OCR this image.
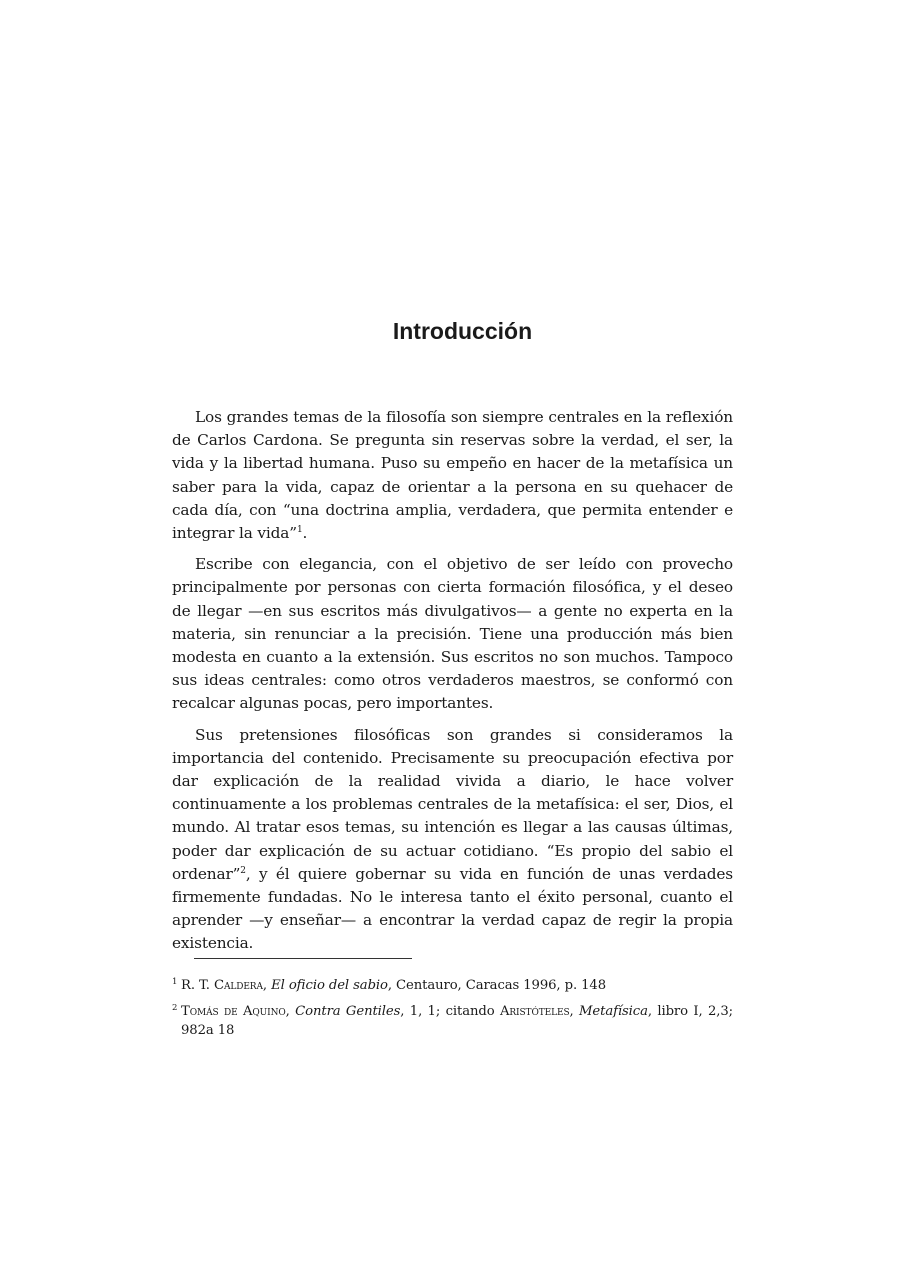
Introducción

Los grandes temas de la filosofía son siempre centrales en la reflexión de Carlos Cardona. Se pregunta sin reservas sobre la verdad, el ser, la vida y la libertad humana. Puso su empeño en hacer de la metafísica un saber para la vida, capaz de orientar a la persona en su quehacer de cada día, con “una doctrina amplia, verdadera, que permita entender e integrar la vida”$^1$.

Escribe con elegancia, con el objetivo de ser leído con provecho principalmente por personas con cierta formación filosófica, y el deseo de llegar —en sus escritos más divulgativos— a gente no experta en la materia, sin renunciar a la precisión. Tiene una producción más bien modesta en cuanto a la extensión. Sus escritos no son muchos. Tampoco sus ideas centrales: como otros verdaderos maestros, se conformó con recalcar algunas pocas, pero importantes.

Sus pretensiones filosóficas son grandes si consideramos la importancia del contenido. Precisamente su preocupación efectiva por dar explicación de la realidad vivida a diario, le hace volver continuamente a los problemas centrales de la metafísica: el ser, Dios, el mundo. Al tratar esos temas, su intención es llegar a las causas últimas, poder dar explicación de su actuar cotidiano. “Es propio del sabio el ordenar”$^2$, y él quiere gobernar su vida en función de unas verdades firmemente fundadas. No le interesa tanto el éxito personal, cuanto el aprender —y enseñar— a encontrar la verdad capaz de regir la propia existencia.

1 R. T. Caldera, El oficio del sabio, Centauro, Caracas 1996, p. 148
2 Tomás de Aquino, Contra Gentiles, 1, 1; citando Aristóteles, Metafísica, libro I, 2,3; 982a 18
